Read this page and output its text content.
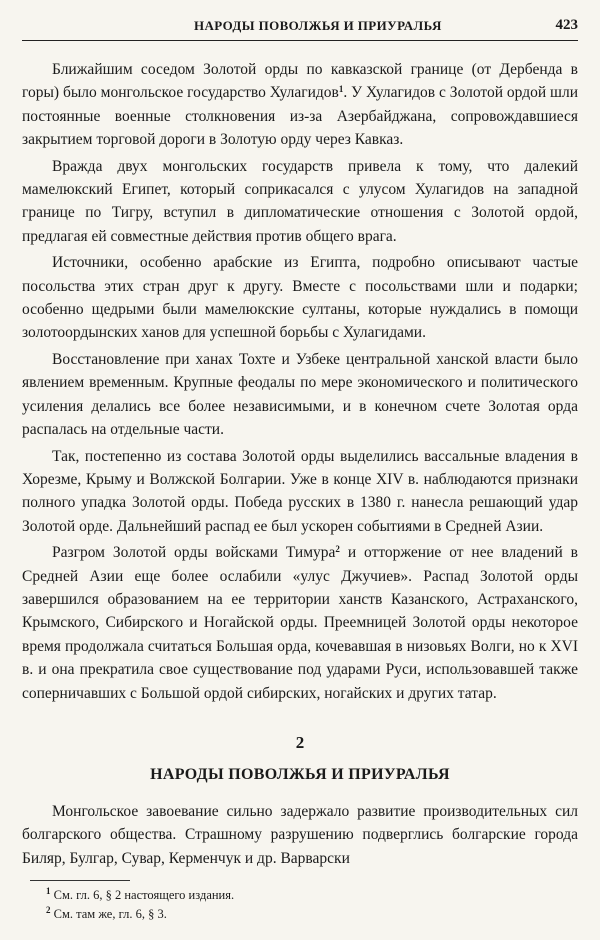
НАРОДЫ ПОВОЛЖЬЯ И ПРИУРАЛЬЯ	423

Ближайшим соседом Золотой орды по кавказской границе (от Дербенда в горы) было монгольское государство Хулагидов$^1$. У Хулагидов с Золотой ордой шли постоянные военные столкновения из-за Азербайджана, сопровождавшиеся закрытием торговой дороги в Золотую орду через Кавказ.

Вражда двух монгольских государств привела к тому, что далекий мамелюкский Египет, который соприкасался с улусом Хулагидов на западной границе по Тигру, вступил в дипломатические отношения с Золотой ордой, предлагая ей совместные действия против общего врага.

Источники, особенно арабские из Египта, подробно описывают частые посольства этих стран друг к другу. Вместе с посольствами шли и подарки; особенно щедрыми были мамелюкские султаны, которые нуждались в помощи золотоордынских ханов для успешной борьбы с Хулагидами.

Восстановление при ханах Тохте и Узбеке центральной ханской власти было явлением временным. Крупные феодалы по мере экономического и политического усиления делались все более независимыми, и в конечном счете Золотая орда распалась на отдельные части.

Так, постепенно из состава Золотой орды выделились вассальные владения в Хорезме, Крыму и Волжской Болгарии. Уже в конце XIV в. наблюдаются признаки полного упадка Золотой орды. Победа русских в 1380 г. нанесла решающий удар Золотой орде. Дальнейший распад ее был ускорен событиями в Средней Азии.

Разгром Золотой орды войсками Тимура$^2$ и отторжение от нее владений в Средней Азии еще более ослабили «улус Джучиев». Распад Золотой орды завершился образованием на ее территории ханств Казанского, Астраханского, Крымского, Сибирского и Ногайской орды. Преемницей Золотой орды некоторое время продолжала считаться Большая орда, кочевавшая в низовьях Волги, но к XVI в. и она прекратила свое существование под ударами Руси, использовавшей также соперничавших с Большой ордой сибирских, ногайских и других татар.

2
НАРОДЫ ПОВОЛЖЬЯ И ПРИУРАЛЬЯ

Монгольское завоевание сильно задержало развитие производительных сил болгарского общества. Страшному разрушению подверглись болгарские города Биляр, Булгар, Сувар, Керменчук и др. Варварски

$^1$ См. гл. 6, § 2 настоящего издания.

$^2$ См. там же, гл. 6, § 3.
